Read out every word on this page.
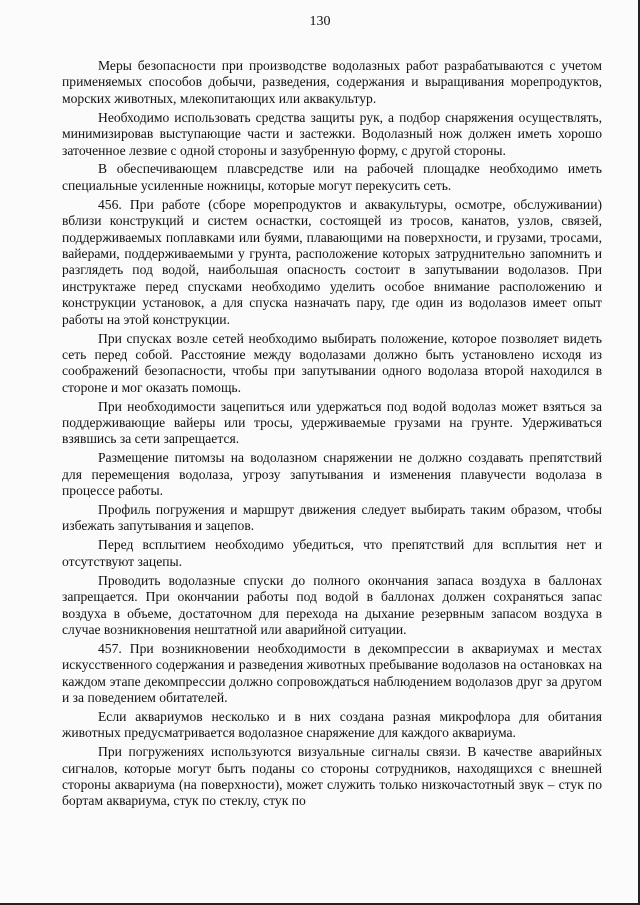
130

Меры безопасности при производстве водолазных работ разрабатываются с учетом применяемых способов добычи, разведения, содержания и выращивания морепродуктов, морских животных, млекопитающих или аквакультур.

Необходимо использовать средства защиты рук, а подбор снаряжения осуществлять, минимизировав выступающие части и застежки. Водолазный нож должен иметь хорошо заточенное лезвие с одной стороны и зазубренную форму, с другой стороны.

В обеспечивающем плавсредстве или на рабочей площадке необходимо иметь специальные усиленные ножницы, которые могут перекусить сеть.

456. При работе (сборе морепродуктов и аквакультуры, осмотре, обслуживании) вблизи конструкций и систем оснастки, состоящей из тросов, канатов, узлов, связей, поддерживаемых поплавками или буями, плавающими на поверхности, и грузами, тросами, вайерами, поддерживаемыми у грунта, расположение которых затруднительно запомнить и разглядеть под водой, наибольшая опасность состоит в запутывании водолазов. При инструктаже перед спусками необходимо уделить особое внимание расположению и конструкции установок, а для спуска назначать пару, где один из водолазов имеет опыт работы на этой конструкции.

При спусках возле сетей необходимо выбирать положение, которое позволяет видеть сеть перед собой. Расстояние между водолазами должно быть установлено исходя из соображений безопасности, чтобы при запутывании одного водолаза второй находился в стороне и мог оказать помощь.

При необходимости зацепиться или удержаться под водой водолаз может взяться за поддерживающие вайеры или тросы, удерживаемые грузами на грунте. Удерживаться взявшись за сети запрещается.

Размещение питомзы на водолазном снаряжении не должно создавать препятствий для перемещения водолаза, угрозу запутывания и изменения плавучести водолаза в процессе работы.

Профиль погружения и маршрут движения следует выбирать таким образом, чтобы избежать запутывания и зацепов.

Перед всплытием необходимо убедиться, что препятствий для всплытия нет и отсутствуют зацепы.

Проводить водолазные спуски до полного окончания запаса воздуха в баллонах запрещается. При окончании работы под водой в баллонах должен сохраняться запас воздуха в объеме, достаточном для перехода на дыхание резервным запасом воздуха в случае возникновения нештатной или аварийной ситуации.

457. При возникновении необходимости в декомпрессии в аквариумах и местах искусственного содержания и разведения животных пребывание водолазов на остановках на каждом этапе декомпрессии должно сопровождаться наблюдением водолазов друг за другом и за поведением обитателей.

Если аквариумов несколько и в них создана разная микрофлора для обитания животных предусматривается водолазное снаряжение для каждого аквариума.

При погружениях используются визуальные сигналы связи. В качестве аварийных сигналов, которые могут быть поданы со стороны сотрудников, находящихся с внешней стороны аквариума (на поверхности), может служить только низкочастотный звук – стук по бортам аквариума, стук по стеклу, стук по
